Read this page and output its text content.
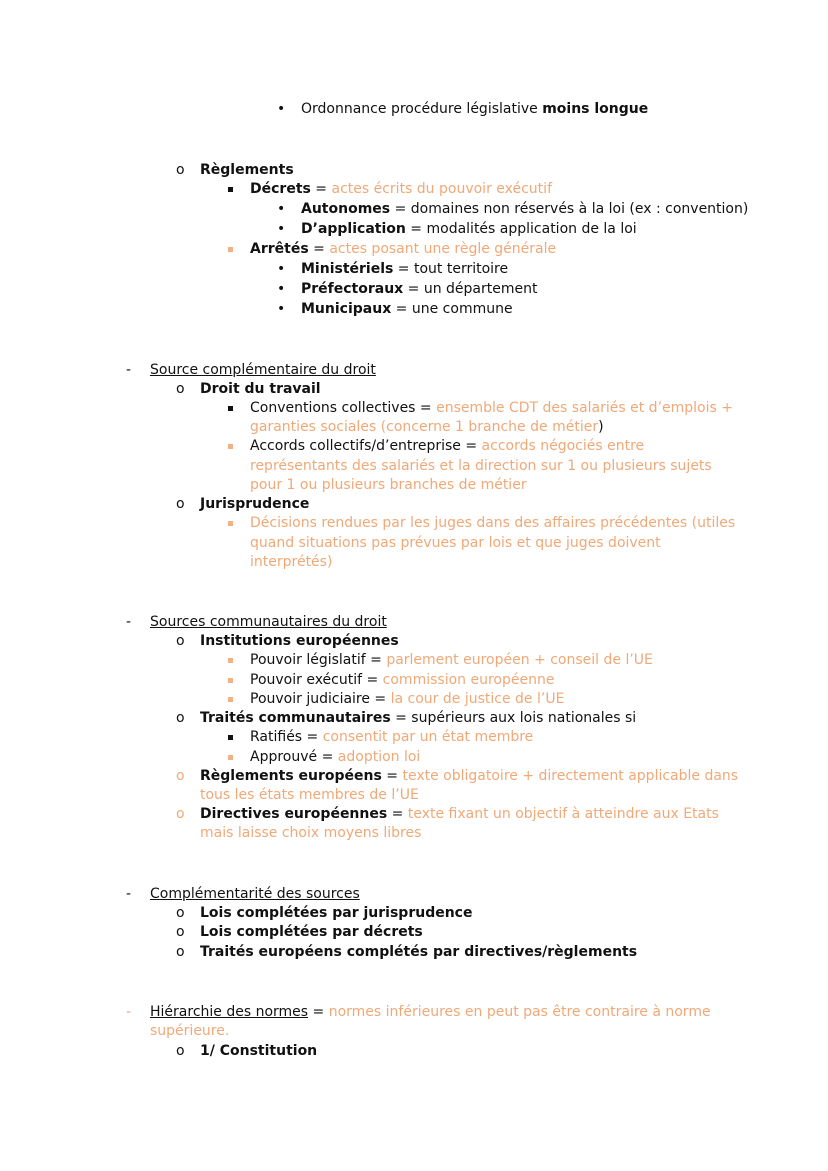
• Ordonnance procédure législative moins longue
o Règlements
Décrets = actes écrits du pouvoir exécutif
• Autonomes = domaines non réservés à la loi (ex : convention)
• D’application = modalités application de la loi
Arrêtés = actes posant une règle générale
• Ministériels = tout territoire
• Préfectoraux = un département
• Municipaux = une commune
- Source complémentaire du droit
o Droit du travail
Conventions collectives = ensemble CDT des salariés et d’emplois +
garanties sociales (concerne 1 branche de métier)
Accords collectifs/d’entreprise = accords négociés entre
représentants des salariés et la direction sur 1 ou plusieurs sujets
pour 1 ou plusieurs branches de métier
o Jurisprudence
Décisions rendues par les juges dans des affaires précédentes (utiles
quand situations pas prévues par lois et que juges doivent
interprétés)
- Sources communautaires du droit
o Institutions européennes
Pouvoir législatif = parlement européen + conseil de l’UE
Pouvoir exécutif = commission européenne
Pouvoir judiciaire = la cour de justice de l’UE
o Traités communautaires = supérieurs aux lois nationales si
Ratifiés = consentit par un état membre
Approuvé = adoption loi
o Règlements européens = texte obligatoire + directement applicable dans
tous les états membres de l’UE
o Directives européennes = texte fixant un objectif à atteindre aux Etats
mais laisse choix moyens libres
- Complémentarité des sources
o Lois complétées par jurisprudence
o Lois complétées par décrets
o Traités européens complétés par directives/règlements
- Hiérarchie des normes = normes inférieures en peut pas être contraire à norme
supérieure.
o 1/ Constitution
